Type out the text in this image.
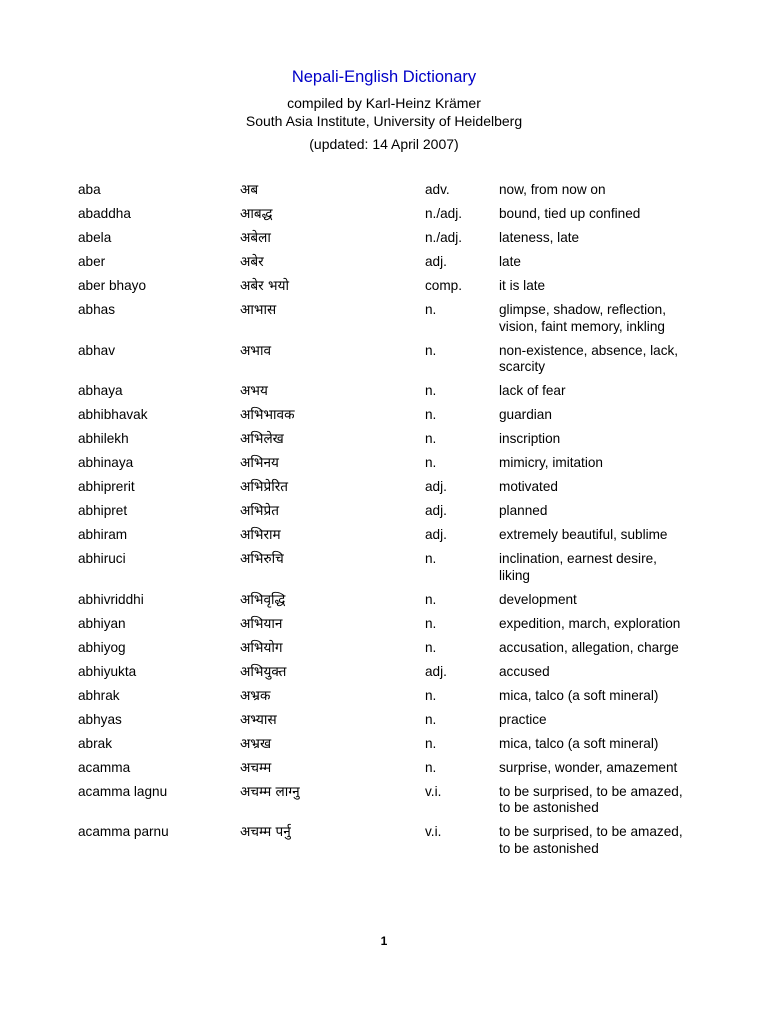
Nepali-English Dictionary
compiled by Karl-Heinz Krämer
South Asia Institute, University of Heidelberg
(updated: 14 April 2007)
aba	अब	adv.	now, from now on
abaddha	आबद्ध	n./adj.	bound, tied up confined
abela	अबेला	n./adj.	lateness, late
aber	अबेर	adj.	late
aber bhayo	अबेर भयो	comp.	it is late
abhas	आभास	n.	glimpse, shadow, reflection, vision, faint memory, inkling
abhav	अभाव	n.	non-existence, absence, lack, scarcity
abhaya	अभय	n.	lack of fear
abhibhavak	अभिभावक	n.	guardian
abhilekh	अभिलेख	n.	inscription
abhinaya	अभिनय	n.	mimicry, imitation
abhiprerit	अभिप्रेरित	adj.	motivated
abhipret	अभिप्रेत	adj.	planned
abhiram	अभिराम	adj.	extremely beautiful, sublime
abhiruci	अभिरुचि	n.	inclination, earnest desire, liking
abhivriddhi	अभिवृद्धि	n.	development
abhiyan	अभियान	n.	expedition, march, exploration
abhiyog	अभियोग	n.	accusation, allegation, charge
abhiyukta	अभियुक्त	adj.	accused
abhrak	अभ्रक	n.	mica, talco (a soft mineral)
abhyas	अभ्यास	n.	practice
abrak	अभ्रख	n.	mica, talco (a soft mineral)
acamma	अचम्म	n.	surprise, wonder, amazement
acamma lagnu	अचम्म लाग्नु	v.i.	to be surprised, to be amazed, to be astonished
acamma parnu	अचम्म पर्नु	v.i.	to be surprised, to be amazed, to be astonished
1
